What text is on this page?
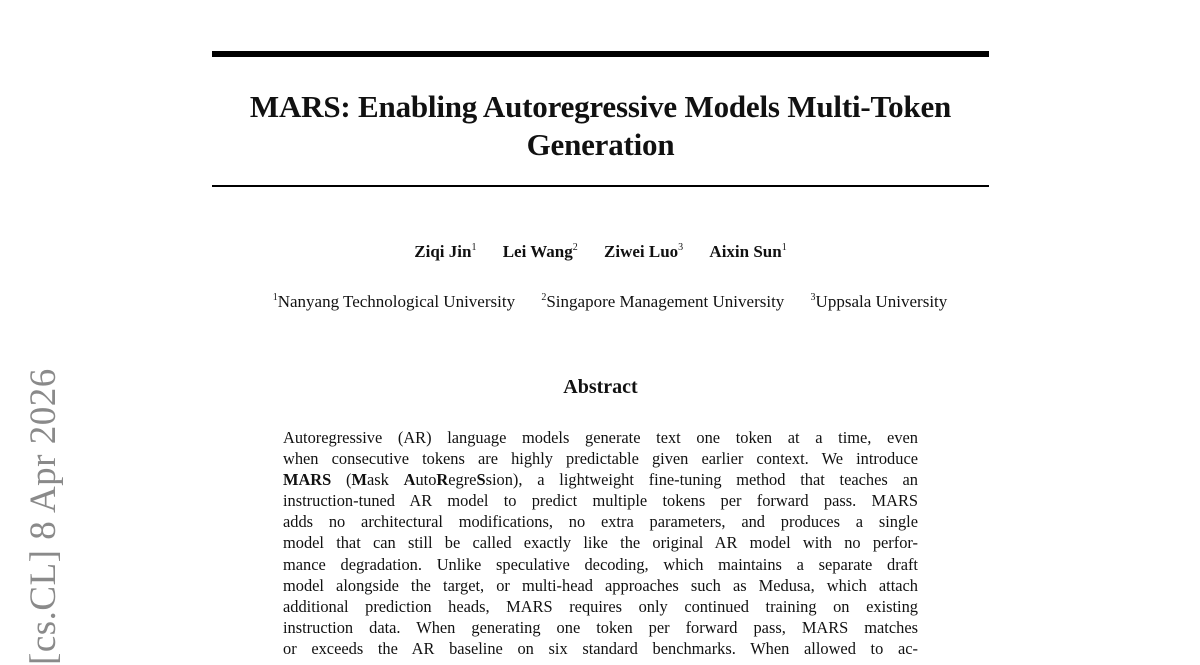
MARS: Enabling Autoregressive Models Multi-Token
Generation
Ziqi Jin$^1$ Lei Wang$^2$ Ziwei Luo$^3$ Aixin Sun$^1$
$^1$Nanyang Technological University	$^2$Singapore Management University	$^3$Uppsala University
Abstract
Autoregressive (AR) language models generate text one token at a time, even
when consecutive tokens are highly predictable given earlier context. We introduce
MARS (Mask AutoRegreSsion), a lightweight fine-tuning method that teaches an
instruction-tuned AR model to predict multiple tokens per forward pass. MARS
adds no architectural modifications, no extra parameters, and produces a single
model that can still be called exactly like the original AR model with no perfor-
mance degradation. Unlike speculative decoding, which maintains a separate draft
model alongside the target, or multi-head approaches such as Medusa, which attach
additional prediction heads, MARS requires only continued training on existing
instruction data. When generating one token per forward pass, MARS matches
or exceeds the AR baseline on six standard benchmarks. When allowed to ac-
[cs.CL] 8 Apr 2026
